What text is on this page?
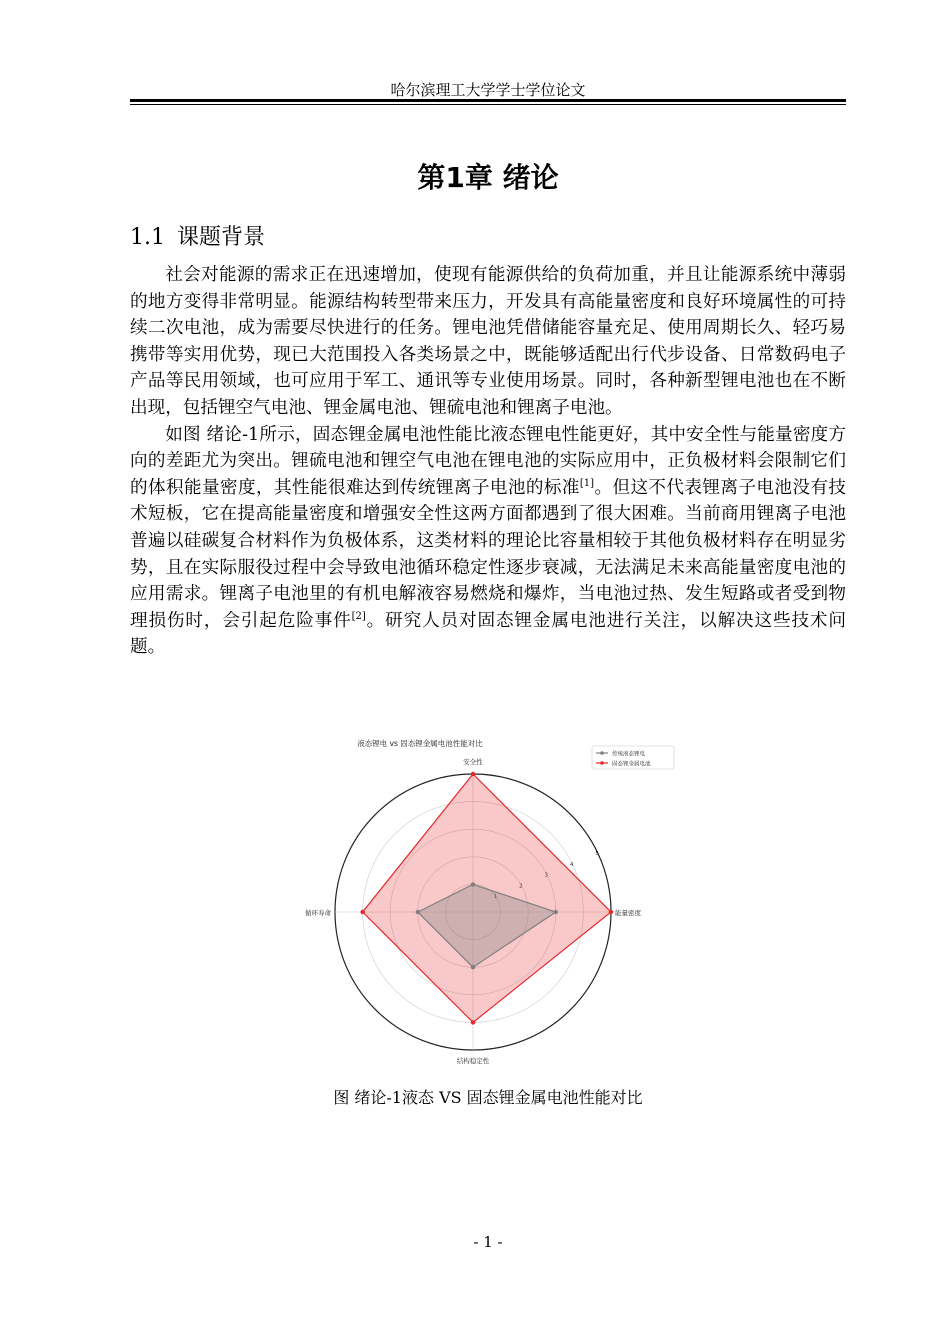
哈尔滨理工大学学士学位论文
第1章 绪论
1.1 课题背景

社会对能源的需求正在迅速增加，使现有能源供给的负荷加重，并且让能源系统中薄弱的地方变得非常明显。能源结构转型带来压力，开发具有高能量密度和良好环境属性的可持续二次电池，成为需要尽快进行的任务。锂电池凭借储能容量充足、使用周期长久、轻巧易携带等实用优势，现已大范围投入各类场景之中，既能够适配出行代步设备、日常数码电子产品等民用领域，也可应用于军工、通讯等专业使用场景。同时，各种新型锂电池也在不断出现，包括锂空气电池、锂金属电池、锂硫电池和锂离子电池。

如图 绪论-1所示，固态锂金属电池性能比液态锂电性能更好，其中安全性与能量密度方向的差距尤为突出。锂硫电池和锂空气电池在锂电池的实际应用中，正负极材料会限制它们的体积能量密度，其性能很难达到传统锂离子电池的标准[1]。但这不代表锂离子电池没有技术短板，它在提高能量密度和增强安全性这两方面都遇到了很大困难。当前商用锂离子电池普遍以硅碳复合材料作为负极体系，这类材料的理论比容量相较于其他负极材料存在明显劣势，且在实际服役过程中会导致电池循环稳定性逐步衰减，无法满足未来高能量密度电池的应用需求。锂离子电池里的有机电解液容易燃烧和爆炸，当电池过热、发生短路或者受到物理损伤时，会引起危险事件[2]。研究人员对固态锂金属电池进行关注，以解决这些技术问题。

液态锂电 vs 固态锂金属电池性能对比
1
2
3
4
5
安全性
能量密度
结构稳定性
循环寿命
传统液态锂电
固态锂金属电池
图 绪论-1液态 VS 固态锂金属电池性能对比
- 1 -
